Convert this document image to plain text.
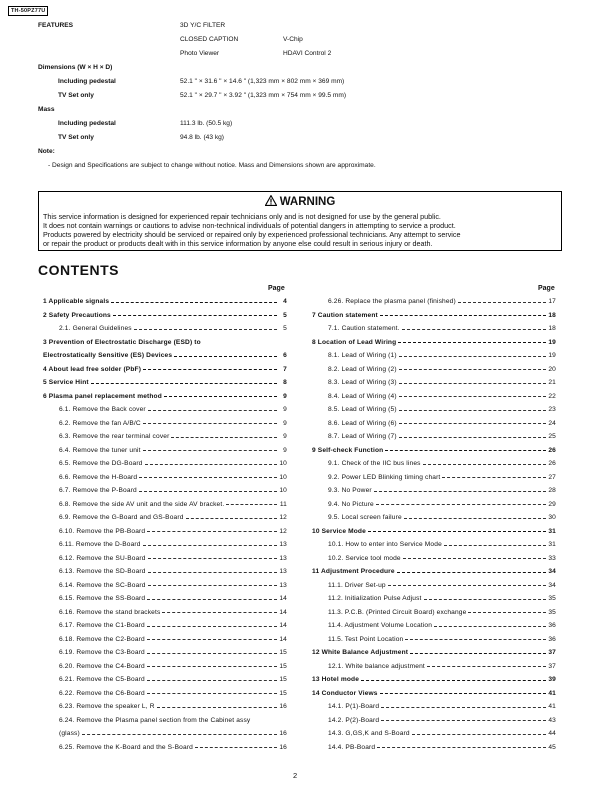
TH-50PZ77U
FEATURES	3D Y/C FILTER
CLOSED CAPTION	V-Chip
Photo Viewer	HDAVI Control 2
Dimensions (W × H × D)
Including pedestal	52.1 " × 31.6 " × 14.6 " (1,323 mm × 802 mm × 369 mm)
TV Set only	52.1 " × 29.7 " × 3.92 " (1,323 mm × 754 mm × 99.5 mm)
Mass
Including pedestal	111.3 lb. (50.5 kg)
TV Set only	94.8 lb. (43 kg)
Note:
- Design and Specifications are subject to change without notice. Mass and Dimensions shown are approximate.
WARNING
This service information is designed for experienced repair technicians only and is not designed for use by the general public.
It does not contain warnings or cautions to advise non-technical individuals of potential dangers in attempting to service a product.
Products powered by electricity should be serviced or repaired only by experienced professional technicians. Any attempt to service
or repair the product or products dealt with in this service information by anyone else could result in serious injury or death.
CONTENTS
Page	Page
1 Applicable signals	4
2 Safety Precautions	5
2.1. General Guidelines	5
3 Prevention of Electrostatic Discharge (ESD) to
Electrostatically Sensitive (ES) Devices	6
4 About lead free solder (PbF)	7
5 Service Hint	8
6 Plasma panel replacement method	9
6.1. Remove the Back cover	9
6.2. Remove the fan A/B/C	9
6.3. Remove the rear terminal cover	9
6.4. Remove the tuner unit	9
6.5. Remove the DG-Board	10
6.6. Remove the H-Board	10
6.7. Remove the P-Board	10
6.8. Remove the side AV unit and the side AV bracket.	11
6.9. Remove the G-Board and GS-Board	12
6.10. Remove the PB-Board	12
6.11. Remove the D-Board	13
6.12. Remove the SU-Board	13
6.13. Remove the SD-Board	13
6.14. Remove the SC-Board	13
6.15. Remove the SS-Board	14
6.16. Remove the stand brackets	14
6.17. Remove the C1-Board	14
6.18. Remove the C2-Board	14
6.19. Remove the C3-Board	15
6.20. Remove the C4-Board	15
6.21. Remove the C5-Board	15
6.22. Remove the C6-Board	15
6.23. Remove the speaker L, R	16
6.24. Remove the Plasma panel section from the Cabinet assy
(glass)	16
6.25. Remove the K-Board and the S-Board	16
6.26. Replace the plasma panel (finished)	17
7 Caution statement	18
7.1. Caution statement.	18
8 Location of Lead Wiring	19
8.1. Lead of Wiring (1)	19
8.2. Lead of Wiring (2)	20
8.3. Lead of Wiring (3)	21
8.4. Lead of Wiring (4)	22
8.5. Lead of Wiring (5)	23
8.6. Lead of Wiring (6)	24
8.7. Lead of Wiring (7)	25
9 Self-check Function	26
9.1. Check of the IIC bus lines	26
9.2. Power LED Blinking timing chart	27
9.3. No Power	28
9.4. No Picture	29
9.5. Local screen failure	30
10 Service Mode	31
10.1. How to enter into Service Mode	31
10.2. Service tool mode	33
11 Adjustment Procedure	34
11.1. Driver Set-up	34
11.2. Initialization Pulse Adjust	35
11.3. P.C.B. (Printed Circuit Board) exchange	35
11.4. Adjustment Volume Location	36
11.5. Test Point Location	36
12 White Balance Adjustment	37
12.1. White balance adjustment	37
13 Hotel mode	39
14 Conductor Views	41
14.1. P(1)-Board	41
14.2. P(2)-Board	43
14.3. G,GS,K and S-Board	44
14.4. PB-Board	45
2
